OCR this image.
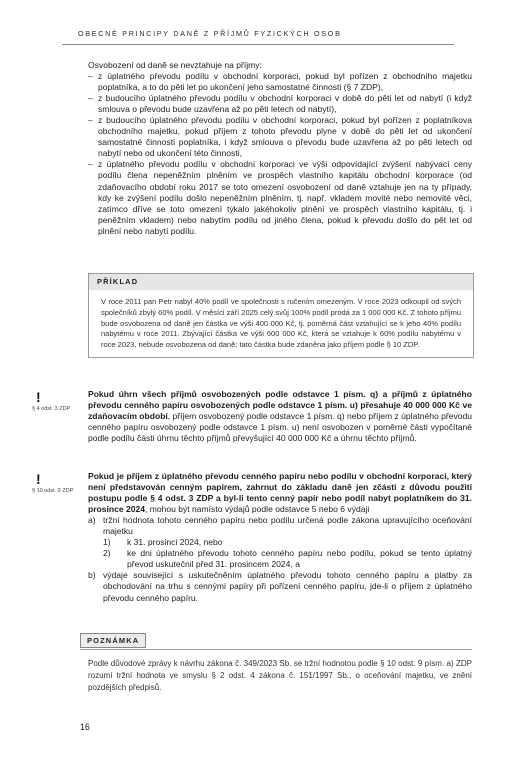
OBECNÉ PRINCIPY DANĚ Z PŘÍJMŮ FYZICKÝCH OSOB
Osvobození od daně se nevztahuje na příjmy:
– z úplatného převodu podílu v obchodní korporaci, pokud byl pořízen z obchodního majetku poplatníka, a to do pěti let po ukončení jeho samostatné činnosti (§ 7 ZDP),
– z budoucího úplatného převodu podílu v obchodní korporaci v době do pěti let od nabytí (i když smlouva o převodu bude uzavřena až po pěti letech od nabytí),
– z budoucího úplatného převodu podílu v obchodní korporaci, pokud byl pořízen z poplatníkova obchodního majetku, pokud příjem z tohoto převodu plyne v době do pěti let od ukončení samostatné činnosti poplatníka, i když smlouva o převodu bude uzavřena až po pěti letech od nabytí nebo od ukončení této činnosti,
– z úplatného převodu podílu v obchodní korporaci ve výši odpovídající zvýšení nabývací ceny podílu člena nepeněžním plněním ve prospěch vlastního kapitálu obchodní korporace (od zdaňovacího období roku 2017 se toto omezení osvobození od daně vztahuje jen na ty případy, kdy ke zvýšení podílu došlo nepeněžním plněním, tj. např. vkladem movité nebo nemovité věci, zatímco dříve se toto omezení týkalo jakéhokoliv plnění ve prospěch vlastního kapitálu, tj. i peněžním vkladem) nebo nabytím podílu od jiného člena, pokud k převodu došlo do pět let od plnění nebo nabytí podílu.
PŘÍKLAD
V roce 2011 pan Petr nabyl 40% podíl ve společnosti s ručením omezeným. V roce 2023 odkoupil od svých společníků zbylý 60% podíl. V měsíci září 2025 celý svůj 100% podíl prodá za 1 000 000 Kč. Z tohoto příjmu bude osvobozena od daně jen částka ve výši 400 000 Kč, tj. poměrná část vztahující se k jeho 40% podílu nabytému v roce 2011. Zbývající částka ve výši 600 000 Kč, která se vztahuje k 60% podílu nabytému v roce 2023, nebude osvobozena od daně; tato částka bude zdaněna jako příjem podle § 10 ZDP.
!
§ 4 odst. 3 ZDP
Pokud úhrn všech příjmů osvobozených podle odstavce 1 písm. q) a příjmů z úplatného převodu cenného papíru osvobozených podle odstavce 1 písm. u) přesahuje 40 000 000 Kč ve zdaňovacím období, příjem osvobozený podle odstavce 1 písm. q) nebo příjem z úplatného převodu cenného papíru osvobozený podle odstavce 1 písm. u) není osvobozen v poměrné části vypočítané podle podílu části úhrnu těchto příjmů převyšující 40 000 000 Kč a úhrnu těchto příjmů.
!
§ 10 odst. 9 ZDP
Pokud je příjem z úplatného převodu cenného papíru nebo podílu v obchodní korporaci, který není představován cenným papírem, zahrnut do základu daně jen zčásti z důvodu použití postupu podle § 4 odst. 3 ZDP a byl-li tento cenný papír nebo podíl nabyt poplatníkem do 31. prosince 2024, mohou být namísto výdajů podle odstavce 5 nebo 6 výdaji
a) tržní hodnota tohoto cenného papíru nebo podílu určená podle zákona upravujícího oceňování majetku
1) k 31. prosinci 2024, nebo
2) ke dni úplatného převodu tohoto cenného papíru nebo podílu, pokud se tento úplatný převod uskutečnil před 31. prosincem 2024, a
b) výdaje související s uskutečněním úplatného převodu tohoto cenného papíru a platby za obchodování na trhu s cennými papíry při pořízení cenného papíru, jde-li o příjem z úplatného převodu cenného papíru.
POZNÁMKA
Podle důvodové zprávy k návrhu zákona č. 349/2023 Sb. se tržní hodnotou podle § 10 odst. 9 písm. a) ZDP rozumí tržní hodnota ve smyslu § 2 odst. 4 zákona č. 151/1997 Sb., o oceňování majetku, ve znění pozdějších předpisů.
16
